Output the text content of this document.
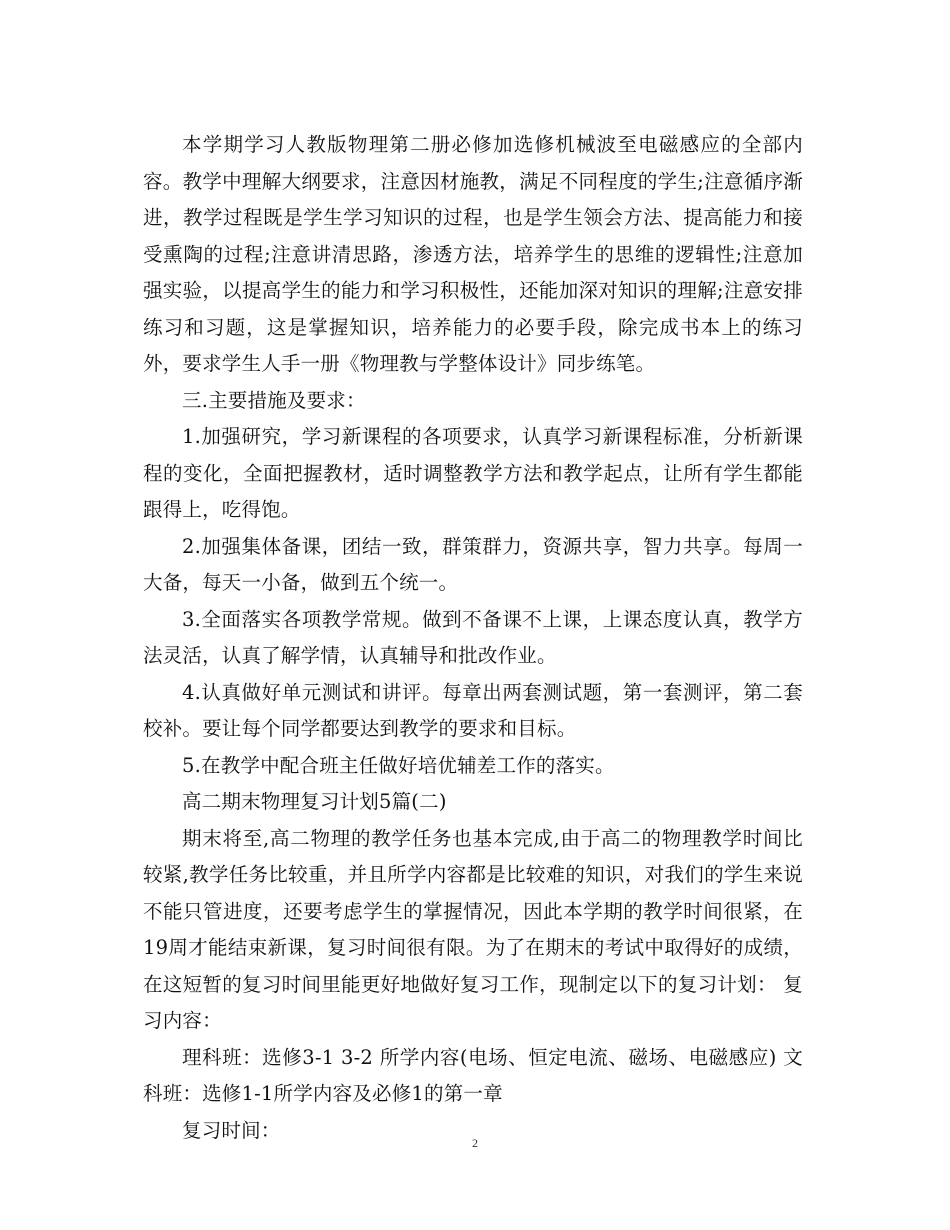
本学期学习人教版物理第二册必修加选修机械波至电磁感应的全部内容。教学中理解大纲要求，注意因材施教，满足不同程度的学生;注意循序渐进，教学过程既是学生学习知识的过程，也是学生领会方法、提高能力和接受熏陶的过程;注意讲清思路，渗透方法，培养学生的思维的逻辑性;注意加强实验，以提高学生的能力和学习积极性，还能加深对知识的理解;注意安排练习和习题，这是掌握知识，培养能力的必要手段，除完成书本上的练习外，要求学生人手一册《物理教与学整体设计》同步练笔。

三.主要措施及要求：

1.加强研究，学习新课程的各项要求，认真学习新课程标准，分析新课程的变化，全面把握教材，适时调整教学方法和教学起点，让所有学生都能跟得上，吃得饱。

2.加强集体备课，团结一致，群策群力，资源共享，智力共享。每周一大备，每天一小备，做到五个统一。

3.全面落实各项教学常规。做到不备课不上课，上课态度认真，教学方法灵活，认真了解学情，认真辅导和批改作业。

4.认真做好单元测试和讲评。每章出两套测试题，第一套测评，第二套校补。要让每个同学都要达到教学的要求和目标。

5.在教学中配合班主任做好培优辅差工作的落实。

高二期末物理复习计划5篇(二)

期末将至,高二物理的教学任务也基本完成,由于高二的物理教学时间比较紧,教学任务比较重，并且所学内容都是比较难的知识，对我们的学生来说不能只管进度，还要考虑学生的掌握情况，因此本学期的教学时间很紧，在19周才能结束新课，复习时间很有限。为了在期末的考试中取得好的成绩，在这短暂的复习时间里能更好地做好复习工作，现制定以下的复习计划： 复习内容：

理科班：选修3-1 3-2 所学内容(电场、恒定电流、磁场、电磁感应) 文科班：选修1-1所学内容及必修1的第一章

复习时间：

2
